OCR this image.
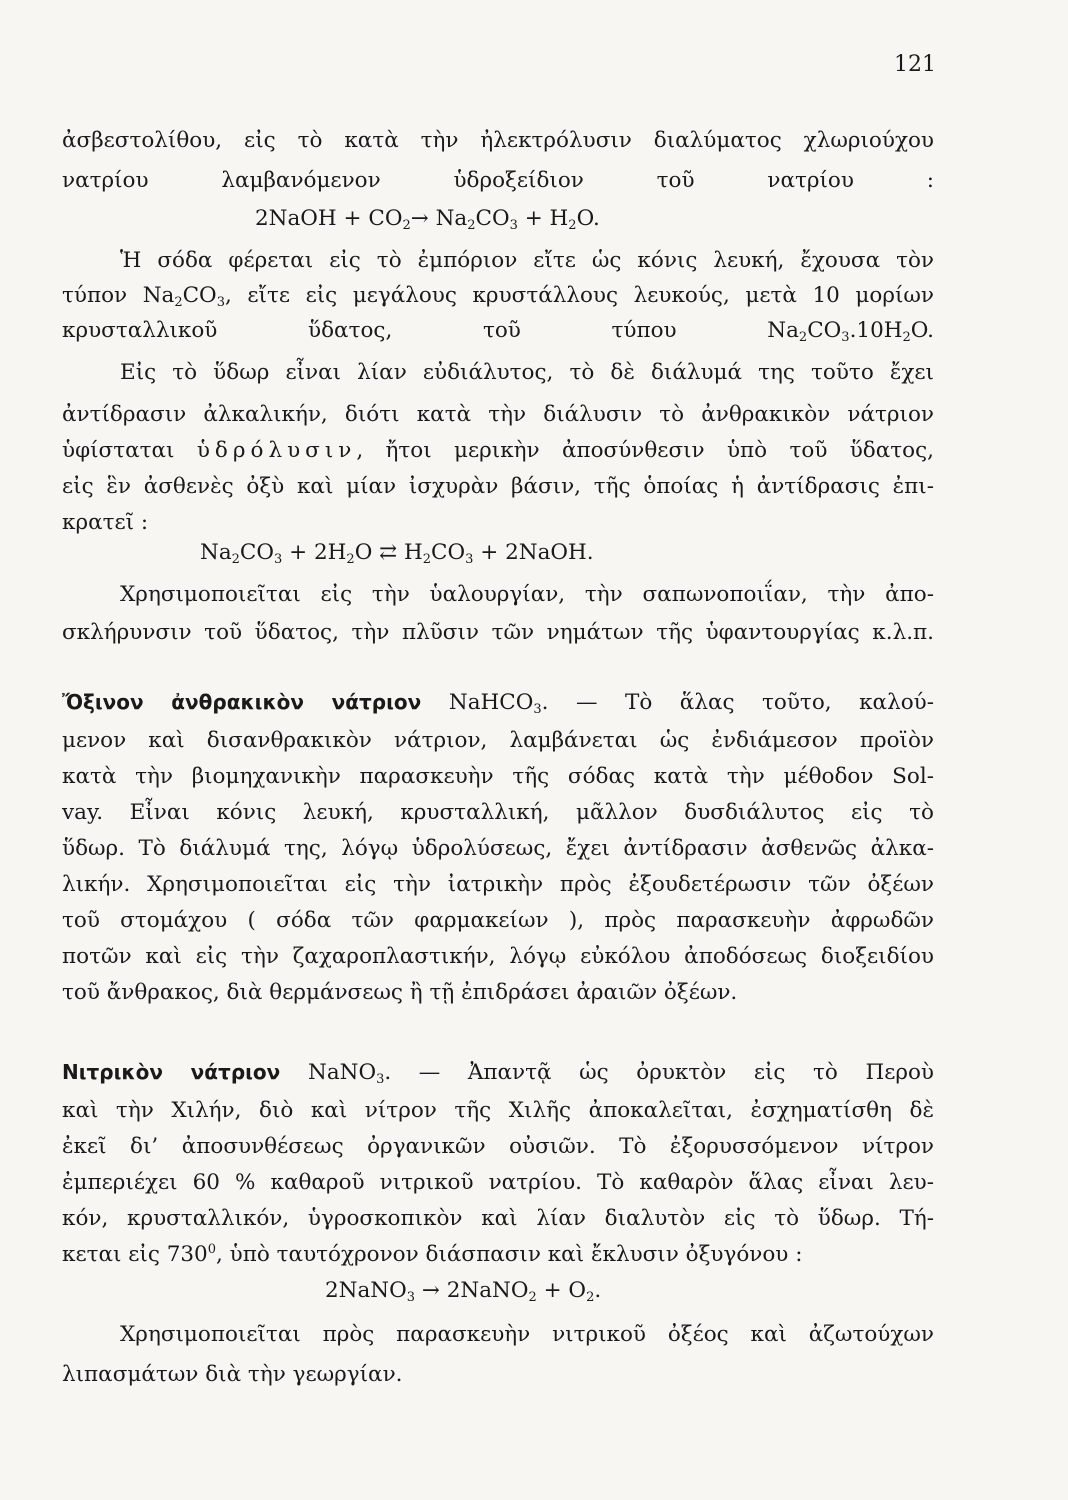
121
ἀσβεστολίθου, εἰς τὸ κατὰ τὴν ἠλεκτρόλυσιν διαλύματος χλωριούχου
νατρίου λαμβανόμενον ὑδροξείδιον τοῦ νατρίου :
2NaOH + $CO_2\to Na_2CO_3 + H_2O$.
Ἡ σόδα φέρεται εἰς τὸ ἐμπόριον εἴτε ὡς κόνις λευκή, ἔχουσα τὸν
τύπον $Na_2CO_3$, εἴτε εἰς μεγάλους κρυστάλλους λευκούς, μετὰ 10 μορίων
κρυσταλλικοῦ ὕδατος, τοῦ τύπου $Na_2CO_3.10H_2O$.
Εἰς τὸ ὕδωρ εἶναι λίαν εὐδιάλυτος, τὸ δὲ διάλυμά της τοῦτο ἔχει
ἀντίδρασιν ἀλκαλικήν, διότι κατὰ τὴν διάλυσιν τὸ ἀνθρακικὸν νάτριον
ὑφίσταται ὑδρόλυσιν, ἤτοι μερικὴν ἀποσύνθεσιν ὑπὸ τοῦ ὕδατος,
εἰς ἓν ἀσθενὲς ὀξὺ καὶ μίαν ἰσχυρὰν βάσιν, τῆς ὁποίας ἡ ἀντίδρασις ἐπι-
κρατεῖ :
$Na_2CO_3 + 2H_2O$ ⇄ $H_2CO_3$ + 2NaOH.
Χρησιμοποιεῖται εἰς τὴν ὑαλουργίαν, τὴν σαπωνοποιΐαν, τὴν ἀπο-
σκλήρυνσιν τοῦ ὕδατος, τὴν πλῦσιν τῶν νημάτων τῆς ὑφαντουργίας κ.λ.π.
Ὄξινον ἀνθρακικὸν νάτριον NaHCO$_3$. — Τὸ ἅλας τοῦτο, καλού-
μενον καὶ δισανθρακικὸν νάτριον, λαμβάνεται ὡς ἐνδιάμεσον προϊὸν
κατὰ τὴν βιομηχανικὴν παρασκευὴν τῆς σόδας κατὰ τὴν μέθοδον Sol-
vay. Εἶναι κόνις λευκή, κρυσταλλική, μᾶλλον δυσδιάλυτος εἰς τὸ
ὕδωρ. Τὸ διάλυμά της, λόγῳ ὑδρολύσεως, ἔχει ἀντίδρασιν ἀσθενῶς ἀλκα-
λικήν. Χρησιμοποιεῖται εἰς τὴν ἰατρικὴν πρὸς ἐξουδετέρωσιν τῶν ὀξέων
τοῦ στομάχου ( σόδα τῶν φαρμακείων ), πρὸς παρασκευὴν ἀφρωδῶν
ποτῶν καὶ εἰς τὴν ζαχαροπλαστικήν, λόγῳ εὐκόλου ἀποδόσεως διοξειδίου
τοῦ ἄνθρακος, διὰ θερμάνσεως ἢ τῇ ἐπιδράσει ἀραιῶν ὀξέων.
Νιτρικὸν νάτριον NaNO$_3$. — Ἀπαντᾷ ὡς ὀρυκτὸν εἰς τὸ Περοὺ
καὶ τὴν Χιλήν, διὸ καὶ νίτρον τῆς Χιλῆς ἀποκαλεῖται, ἐσχηματίσθη δὲ
ἐκεῖ δι’ ἀποσυνθέσεως ὀργανικῶν οὐσιῶν. Τὸ ἐξορυσσόμενον νίτρον
ἐμπεριέχει 60 % καθαροῦ νιτρικοῦ νατρίου. Τὸ καθαρὸν ἅλας εἶναι λευ-
κόν, κρυσταλλικόν, ὑγροσκοπικὸν καὶ λίαν διαλυτὸν εἰς τὸ ὕδωρ. Τή-
κεται εἰς $730^0$, ὑπὸ ταυτόχρονον διάσπασιν καὶ ἔκλυσιν ὀξυγόνου :
2NaNO$_3$ → 2NaNO$_2$ + $O_2$.
Χρησιμοποιεῖται πρὸς παρασκευὴν νιτρικοῦ ὀξέος καὶ ἀζωτούχων
λιπασμάτων διὰ τὴν γεωργίαν.
